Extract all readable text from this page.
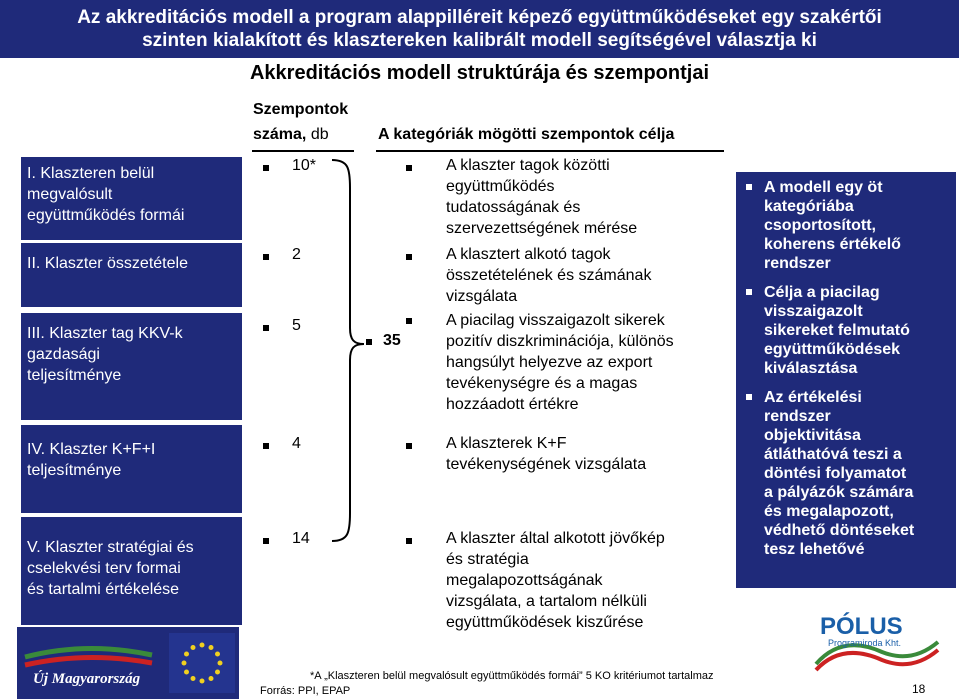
Az akkreditációs modell a program alappilléreit képező együttműködéseket egy szakértői
szinten kialakított és klasztereken kalibrált modell segítségével választja ki
Akkreditációs modell struktúrája és szempontjai
Szempontok
száma, db	A kategóriák mögötti szempontok célja
I. Klaszteren belül
megvalósult
együttműködés formái
II. Klaszter összetétele
III. Klaszter tag KKV-k
gazdasági
teljesítménye
IV. Klaszter K+F+I
teljesítménye
V. Klaszter stratégiai és
cselekvési terv formai
és tartalmi értékelése
10*
2
5
4
14
35
A klaszter tagok közötti
együttműködés
tudatosságának és
szervezettségének mérése
A klasztert alkotó tagok
összetételének és számának
vizsgálata
A piacilag visszaigazolt sikerek
pozitív diszkriminációja, különös
hangsúlyt helyezve az export
tevékenységre és a magas
hozzáadott értékre
A klaszterek K+F
tevékenységének vizsgálata
A klaszter által alkotott jövőkép
és stratégia
megalapozottságának
vizsgálata, a tartalom nélküli
együttműködések kiszűrése
A modell egy öt
kategóriába
csoportosított,
koherens értékelő
rendszer
Célja a piacilag
visszaigazolt
sikereket felmutató
együttműködések
kiválasztása
Az értékelési
rendszer
objektivitása
átláthatóvá teszi a
döntési folyamatot
a pályázók számára
és megalapozott,
védhető döntéseket
tesz lehetővé
Új Magyarország
PÓLUS
Programiroda Kht.
*A „Klaszteren belül megvalósult együttműködés formái” 5 KO kritériumot tartalmaz
Forrás: PPI, EPAP	18
